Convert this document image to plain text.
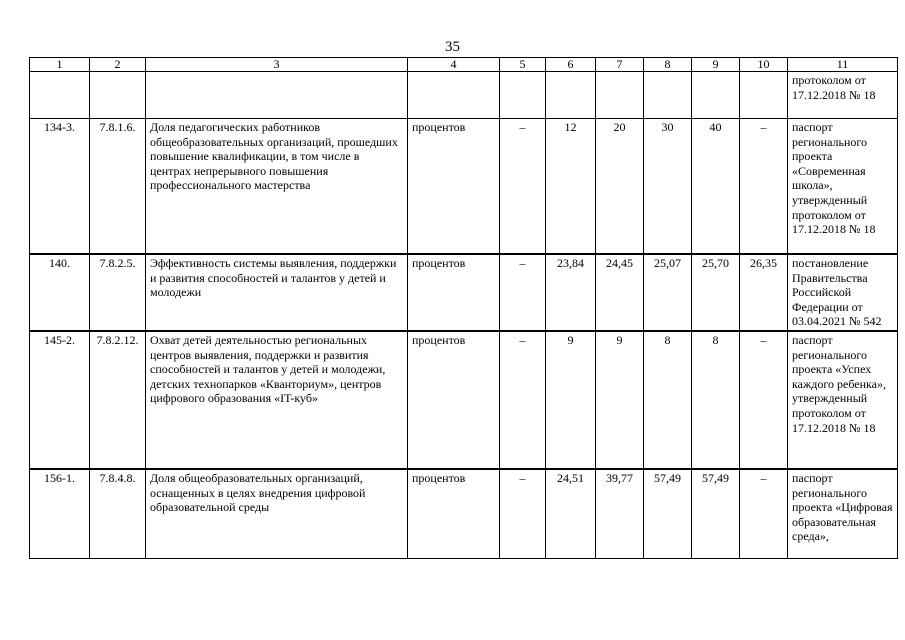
35
1	2	3	4	5	6	7	8	9	10	11
										протоколом от 17.12.2018 № 18
134-3.	7.8.1.6.	Доля педагогических работников общеобразовательных организаций, прошедших повышение квалификации, в том числе в центрах непрерывного повышения профессионального мастерства	процентов	–	12	20	30	40	–	паспорт регионального проекта «Современная школа», утвержденный протоколом от 17.12.2018 № 18
140.	7.8.2.5.	Эффективность системы выявления, поддержки и развития способностей и талантов у детей и молодежи	процентов	–	23,84	24,45	25,07	25,70	26,35	постановление Правительства Российской Федерации от 03.04.2021 № 542
145-2.	7.8.2.12.	Охват детей деятельностью региональных центров выявления, поддержки и развития способностей и талантов у детей и молодежи, детских технопарков «Кванториум», центров цифрового образования «IT-куб»	процентов	–	9	9	8	8	–	паспорт регионального проекта «Успех каждого ребенка», утвержденный протоколом от 17.12.2018 № 18
156-1.	7.8.4.8.	Доля общеобразовательных организаций, оснащенных в целях внедрения цифровой образовательной среды	процентов	–	24,51	39,77	57,49	57,49	–	паспорт регионального проекта «Цифровая образовательная среда»,
